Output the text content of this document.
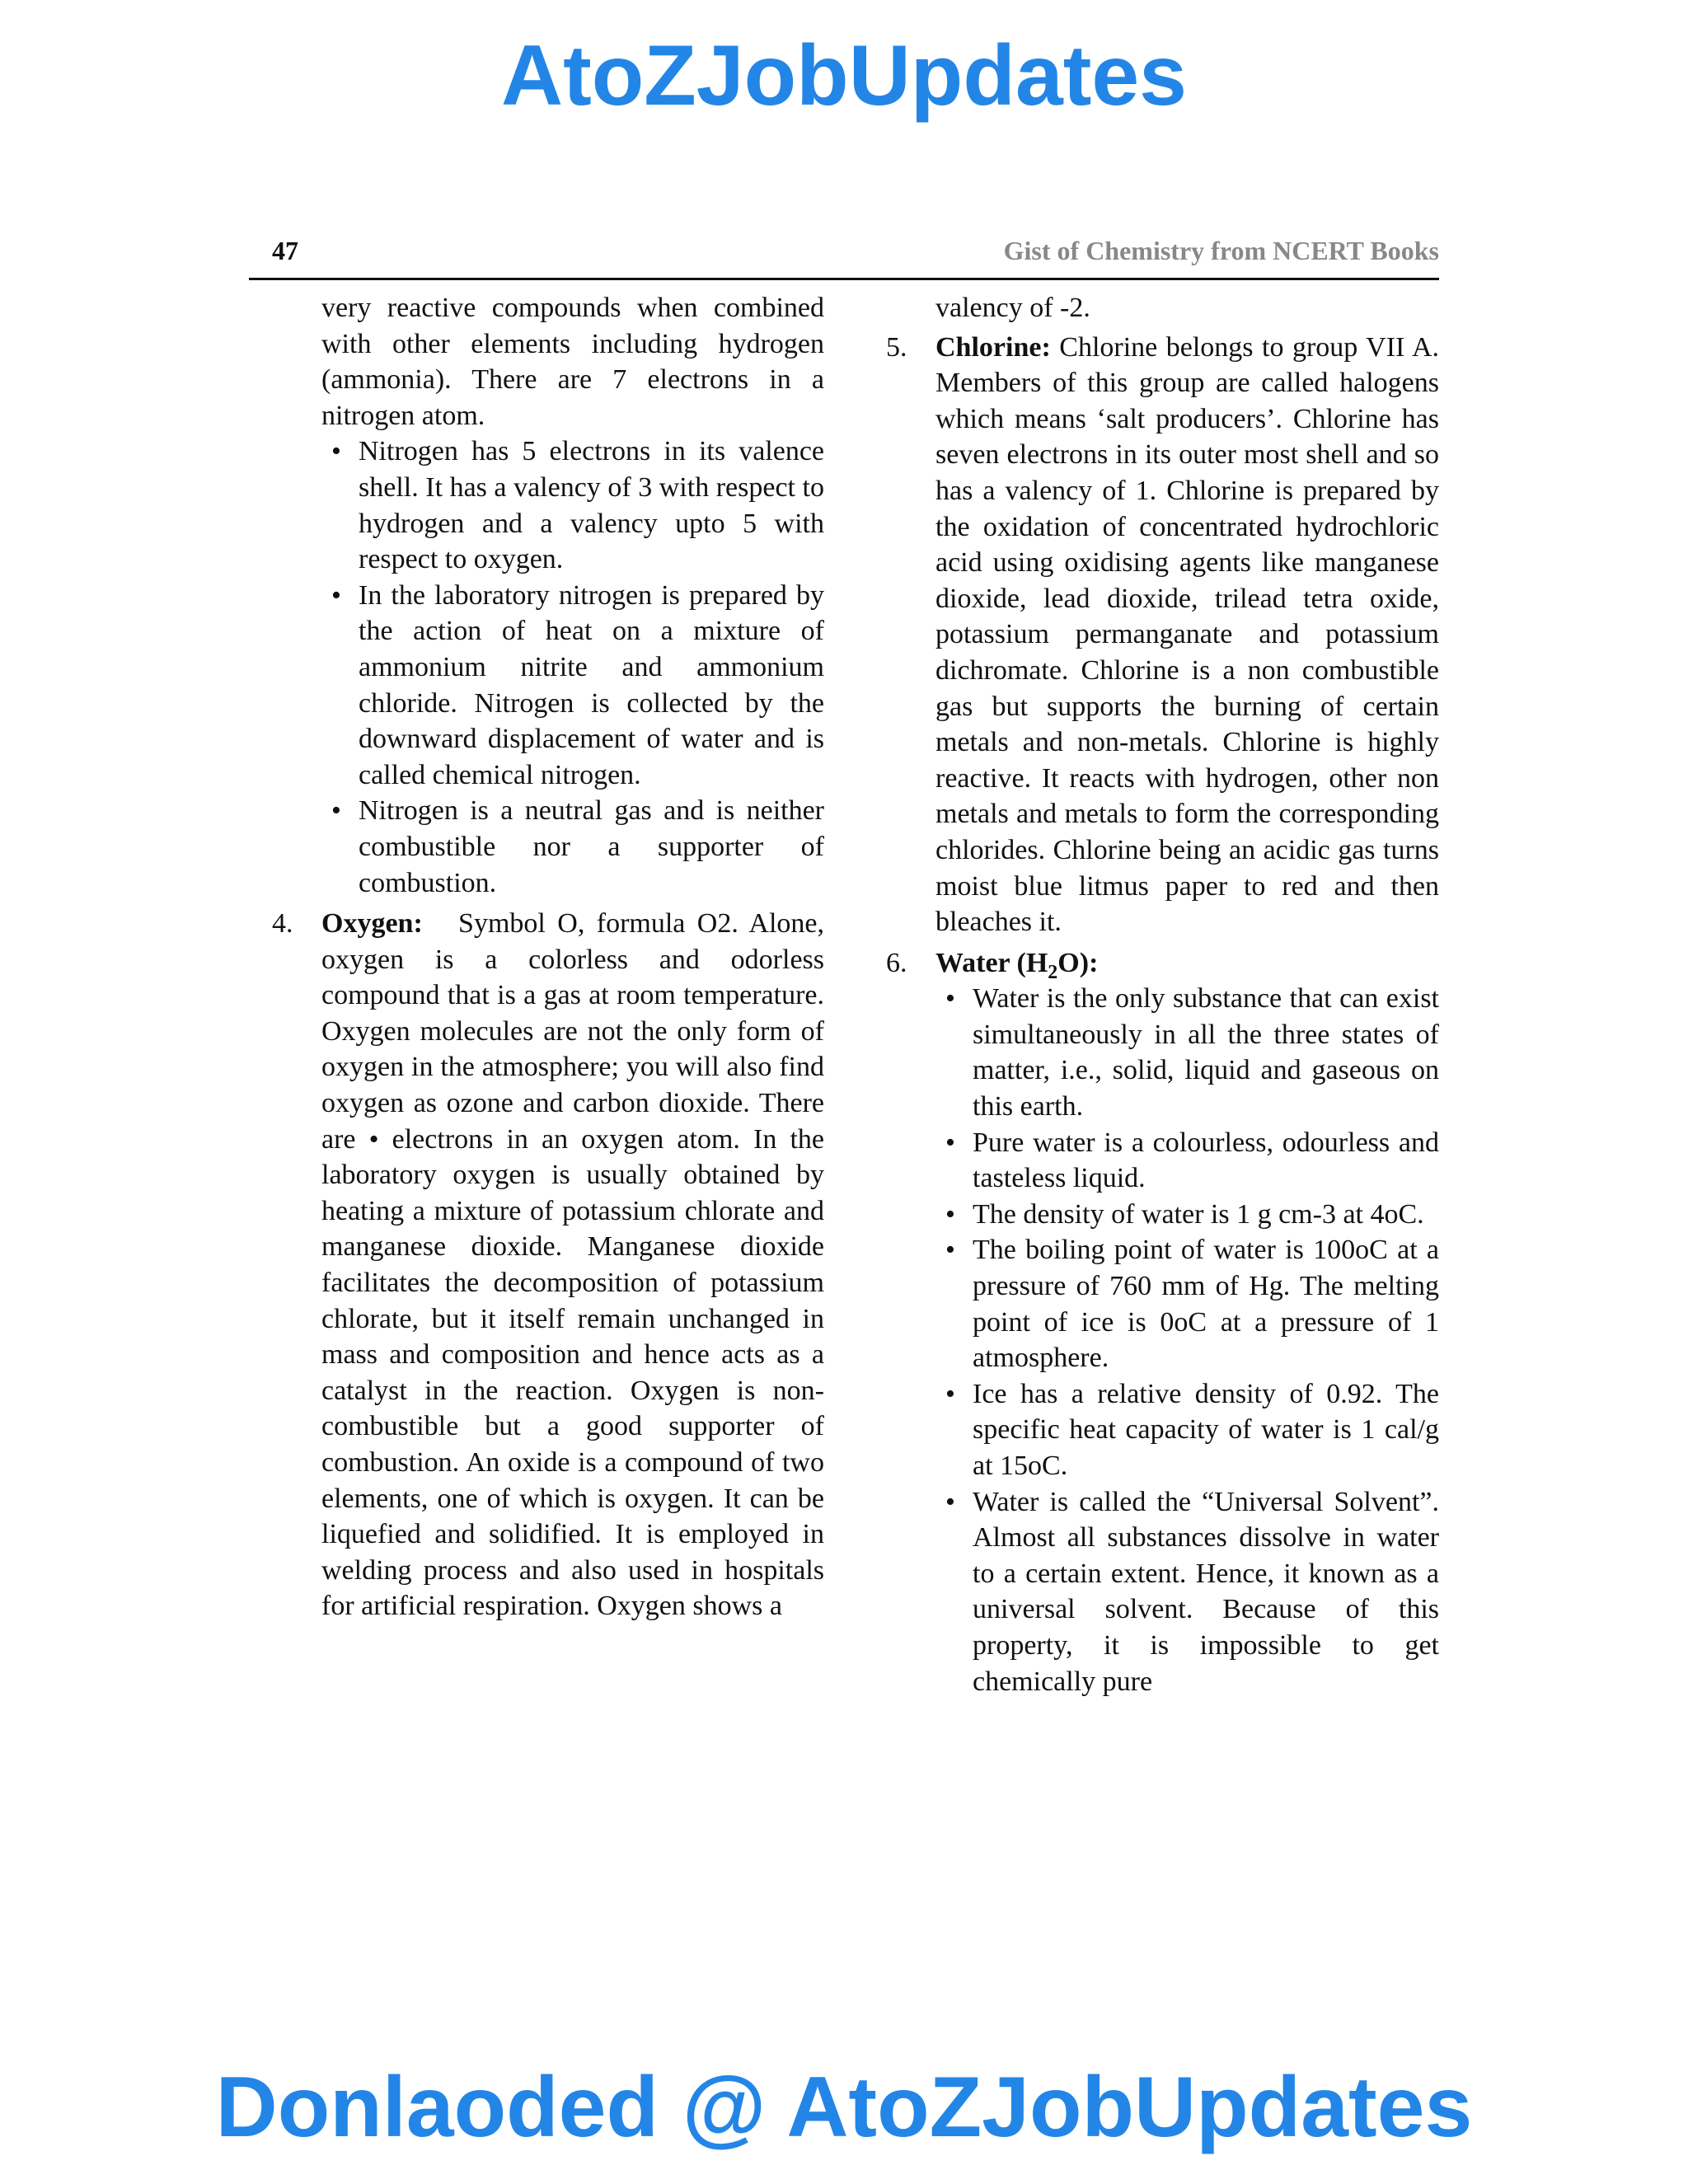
AtoZJobUpdates
47	Gist of Chemistry from NCERT Books

very reactive compounds when combined with other elements including hydrogen (ammonia). There are 7 electrons in a nitrogen atom.

• Nitrogen has 5 electrons in its valence shell. It has a valency of 3 with respect to hydrogen and a valency upto 5 with respect to oxygen.
• In the laboratory nitrogen is prepared by the action of heat on a mixture of ammonium nitrite and ammonium chloride. Nitrogen is collected by the downward displacement of water and is called chemical nitrogen.
• Nitrogen is a neutral gas and is neither combustible nor a supporter of combustion.
4. Oxygen: Symbol O, formula O2. Alone, oxygen is a colorless and odorless compound that is a gas at room temperature. Oxygen molecules are not the only form of oxygen in the atmosphere; you will also find oxygen as ozone and carbon dioxide. There are • electrons in an oxygen atom. In the laboratory oxygen is usually obtained by heating a mixture of potassium chlorate and manganese dioxide. Manganese dioxide facilitates the decomposition of potassium chlorate, but it itself remain unchanged in mass and composition and hence acts as a catalyst in the reaction. Oxygen is non-combustible but a good supporter of combustion. An oxide is a compound of two elements, one of which is oxygen. It can be liquefied and solidified. It is employed in welding process and also used in hospitals for artificial respiration. Oxygen shows a

valency of -2.

5. Chlorine: Chlorine belongs to group VII A. Members of this group are called halogens which means ‘salt producers’. Chlorine has seven electrons in its outer most shell and so has a valency of 1. Chlorine is prepared by the oxidation of concentrated hydrochloric acid using oxidising agents like manganese dioxide, lead dioxide, trilead tetra oxide, potassium permanganate and potassium dichromate. Chlorine is a non combustible gas but supports the burning of certain metals and non-metals. Chlorine is highly reactive. It reacts with hydrogen, other non metals and metals to form the corresponding chlorides. Chlorine being an acidic gas turns moist blue litmus paper to red and then bleaches it.

6. Water $(H_2O)$:

• Water is the only substance that can exist simultaneously in all the three states of matter, i.e., solid, liquid and gaseous on this earth.
• Pure water is a colourless, odourless and tasteless liquid.
• The density of water is 1 g cm-3 at 4oC.
• The boiling point of water is 100oC at a pressure of 760 mm of Hg. The melting point of ice is 0oC at a pressure of 1 atmosphere.
• Ice has a relative density of 0.92. The specific heat capacity of water is 1 cal/g at 15oC.
• Water is called the “Universal Solvent”. Almost all substances dissolve in water to a certain extent. Hence, it known as a universal solvent. Because of this property, it is impossible to get chemically pure
Donlaoded @ AtoZJobUpdates
